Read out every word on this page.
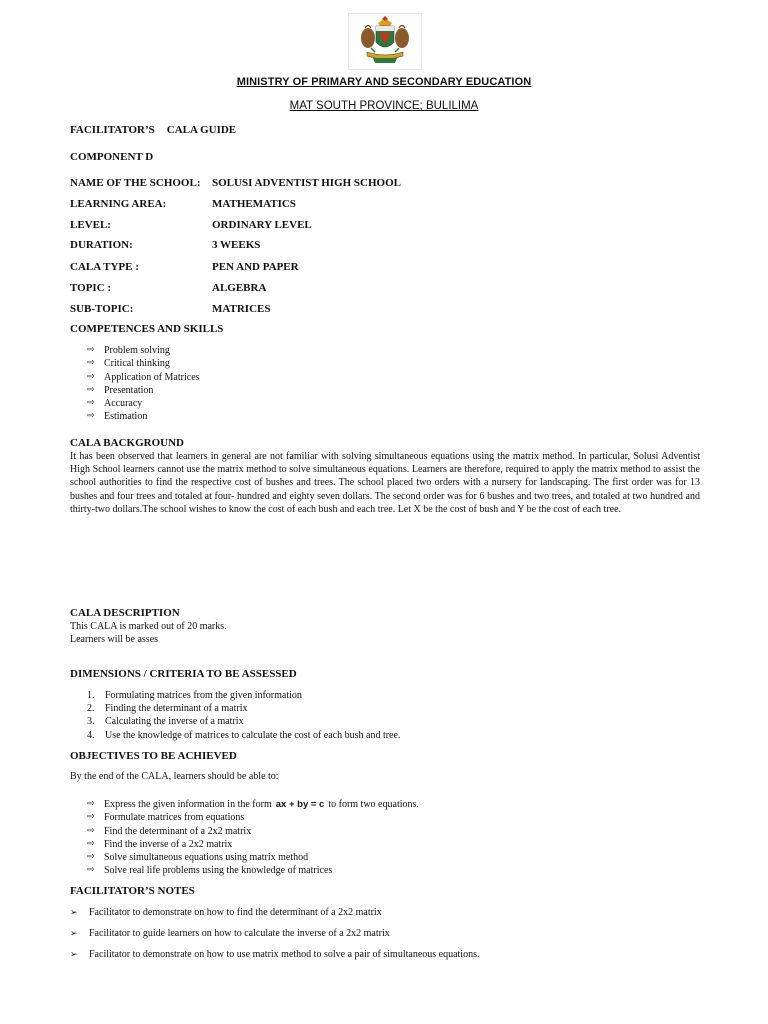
MINISTRY OF PRIMARY AND SECONDARY EDUCATION
MAT SOUTH PROVINCE; BULILIMA
FACILITATOR’S CALA GUIDE
COMPONENT D
NAME OF THE SCHOOL: SOLUSI ADVENTIST HIGH SCHOOL
LEARNING AREA:	MATHEMATICS
LEVEL:	ORDINARY LEVEL
DURATION:	3 WEEKS
CALA TYPE :	PEN AND PAPER
TOPIC :	ALGEBRA
SUB-TOPIC:	MATRICES
COMPETENCES AND SKILLS
⇨ Problem solving
⇨ Critical thinking
⇨ Application of Matrices
⇨ Presentation
⇨ Accuracy
⇨ Estimation
CALA BACKGROUND
It has been observed that learners in general are not familiar with solving simultaneous equations using the matrix method. In particular, Solusi Adventist High School learners cannot use the matrix method to solve simultaneous equations. Learners are therefore, required to apply the matrix method to assist the school authorities to find the respective cost of bushes and trees. The school placed two orders with a nursery for landscaping. The first order was for 13 bushes and four trees and totaled at four- hundred and eighty seven dollars. The second order was for 6 bushes and two trees, and totaled at two hundred and thirty-two dollars.The school wishes to know the cost of each bush and each tree. Let X be the cost of bush and Y be the cost of each tree.
CALA DESCRIPTION
This CALA is marked out of 20 marks.
Learners will be asses
DIMENSIONS / CRITERIA TO BE ASSESSED
1.	Formulating matrices from the given information
2.	Finding the determinant of a matrix
3.	Calculating the inverse of a matrix
4.	Use the knowledge of matrices to calculate the cost of each bush and tree.
OBJECTIVES TO BE ACHIEVED
By the end of the CALA, learners should be able to:
⇨ Express the given information in the form ax + by = c to form two equations.
⇨ Formulate matrices from equations
⇨ Find the determinant of a 2x2 matrix
⇨ Find the inverse of a 2x2 matrix
⇨ Solve simultaneous equations using matrix method
⇨ Solve real life problems using the knowledge of matrices
FACILITATOR’S NOTES
➢	Facilitator to demonstrate on how to find the determinant of a 2x2 matrix
➢	Facilitator to guide learners on how to calculate the inverse of a 2x2 matrix
➢	Facilitator to demonstrate on how to use matrix method to solve a pair of simultaneous equations.
